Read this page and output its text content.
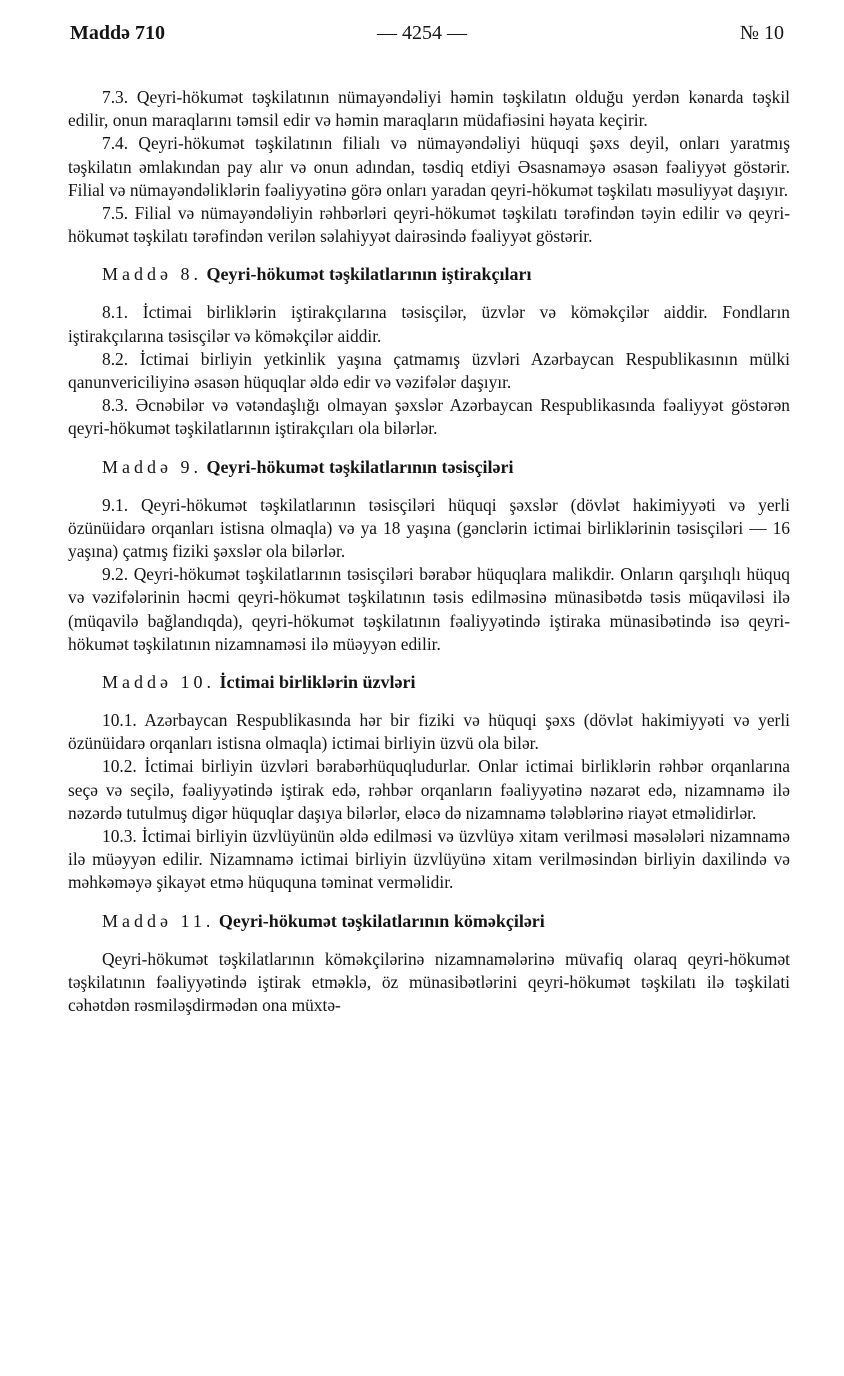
Maddə 710	— 4254 —	№ 10

7.3. Qeyri-hökumət təşkilatının nümayəndəliyi həmin təşkilatın olduğu yerdən kənarda təşkil edilir, onun maraqlarını təmsil edir və həmin maraqların müdafiəsini həyata keçirir.

7.4. Qeyri-hökumət təşkilatının filialı və nümayəndəliyi hüquqi şəxs deyil, onları yaratmış təşkilatın əmlakından pay alır və onun adından, təsdiq etdiyi Əsasnaməyə əsasən fəaliyyət göstərir. Filial və nümayəndəliklərin fəaliyyətinə görə onları yaradan qeyri-hökumət təşkilatı məsuliyyət daşıyır.

7.5. Filial və nümayəndəliyin rəhbərləri qeyri-hökumət təşkilatı tərəfindən təyin edilir və qeyri-hökumət təşkilatı tərəfindən verilən səlahiyyət dairəsində fəaliyyət göstərir.

Maddə 8. Qeyri-hökumət təşkilatlarının iştirakçıları

8.1. İctimai birliklərin iştirakçılarına təsisçilər, üzvlər və köməkçilər aiddir. Fondların iştirakçılarına təsisçilər və köməkçilər aiddir.

8.2. İctimai birliyin yetkinlik yaşına çatmamış üzvləri Azərbaycan Respublikasının mülki qanunvericiliyinə əsasən hüquqlar əldə edir və vəzifələr daşıyır.

8.3. Əcnəbilər və vətəndaşlığı olmayan şəxslər Azərbaycan Respublikasında fəaliyyət göstərən qeyri-hökumət təşkilatlarının iştirakçıları ola bilərlər.

Maddə 9. Qeyri-hökumət təşkilatlarının təsisçiləri

9.1. Qeyri-hökumət təşkilatlarının təsisçiləri hüquqi şəxslər (dövlət hakimiyyəti və yerli özünüidarə orqanları istisna olmaqla) və ya 18 yaşına (gənclərin ictimai birliklərinin təsisçiləri — 16 yaşına) çatmış fiziki şəxslər ola bilərlər.

9.2. Qeyri-hökumət təşkilatlarının təsisçiləri bərabər hüquqlara malikdir. Onların qarşılıqlı hüquq və vəzifələrinin həcmi qeyri-hökumət təşkilatının təsis edilməsinə münasibətdə təsis müqaviləsi ilə (müqavilə bağlandıqda), qeyri-hökumət təşkilatının fəaliyyətində iştiraka münasibətində isə qeyri-hökumət təşkilatının nizamnaməsi ilə müəyyən edilir.

Maddə 10. İctimai birliklərin üzvləri

10.1. Azərbaycan Respublikasında hər bir fiziki və hüquqi şəxs (dövlət hakimiyyəti və yerli özünüidarə orqanları istisna olmaqla) ictimai birliyin üzvü ola bilər.

10.2. İctimai birliyin üzvləri bərabərhüquqludurlar. Onlar ictimai birliklərin rəhbər orqanlarına seçə və seçilə, fəaliyyətində iştirak edə, rəhbər orqanların fəaliyyətinə nəzarət edə, nizamnamə ilə nəzərdə tutulmuş digər hüquqlar daşıya bilərlər, eləcə də nizamnamə tələblərinə riayət etməlidirlər.

10.3. İctimai birliyin üzvlüyünün əldə edilməsi və üzvlüyə xitam verilməsi məsələləri nizamnamə ilə müəyyən edilir. Nizamnamə ictimai birliyin üzvlüyünə xitam verilməsindən birliyin daxilində və məhkəməyə şikayət etmə hüququna təminat verməlidir.

Maddə 11. Qeyri-hökumət təşkilatlarının köməkçiləri

Qeyri-hökumət təşkilatlarının köməkçilərinə nizamnamələrinə müvafiq olaraq qeyri-hökumət təşkilatının fəaliyyətində iştirak etməklə, öz münasibətlərini qeyri-hökumət təşkilatı ilə təşkilati cəhətdən rəsmiləşdirmədən ona müxtə-
